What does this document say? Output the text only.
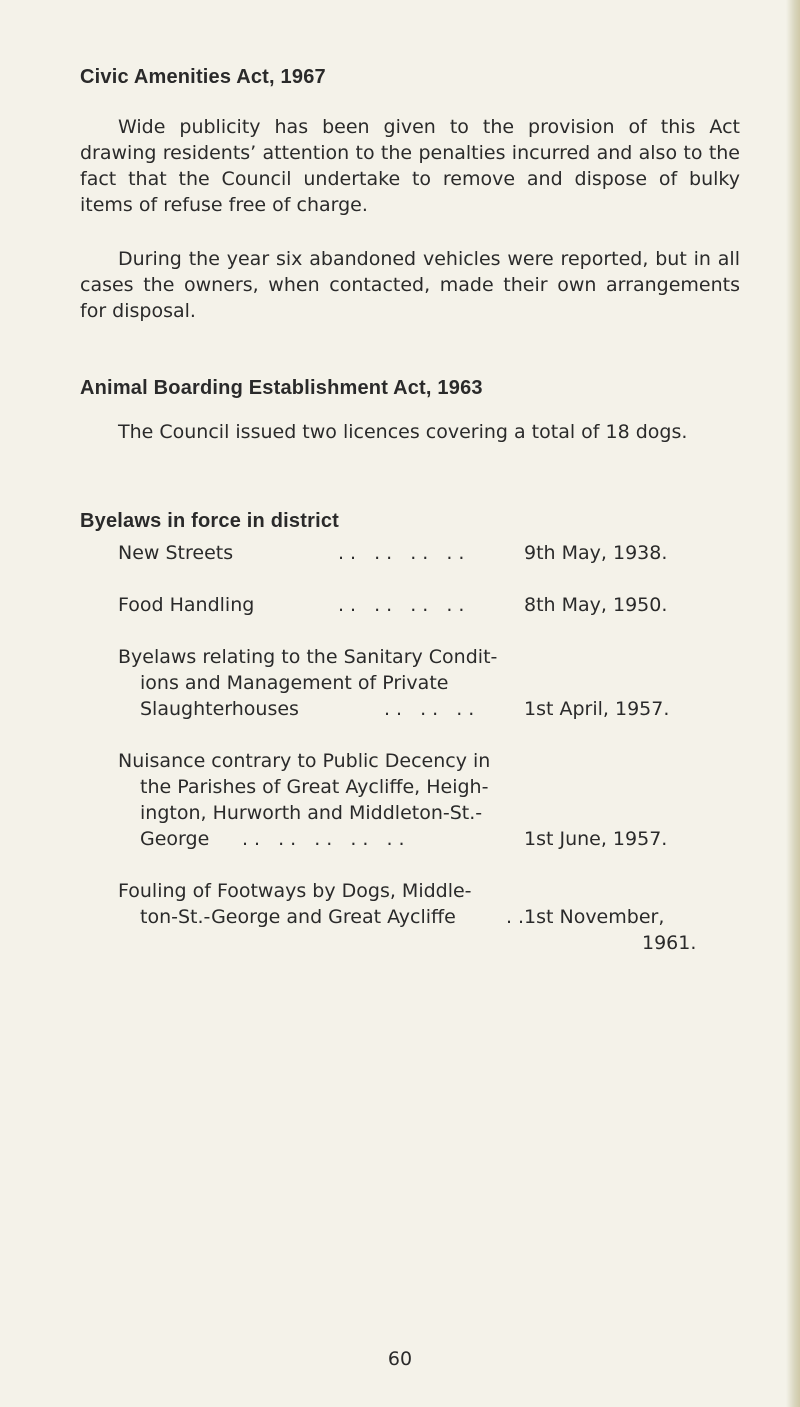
Civic Amenities Act, 1967

Wide publicity has been given to the provision of this Act drawing residents’ attention to the penalties incurred and also to the fact that the Council undertake to remove and dispose of bulky items of refuse free of charge.

During the year six abandoned vehicles were reported, but in all cases the owners, when contacted, made their own arrangements for disposal.

Animal Boarding Establishment Act, 1963

The Council issued two licences covering a total of 18 dogs.

Byelaws in force in district
New Streets	.. .. .. ..	9th May, 1938.
Food Handling	.. .. .. ..	8th May, 1950.
Byelaws relating to the Sanitary Condit-
ions and Management of Private
Slaughterhouses	.. .. .. 1st April, 1957.
Nuisance contrary to Public Decency in
the Parishes of Great Aycliffe, Heigh-
ington, Hurworth and Middleton-St.-
George	.. .. .. .. ..	1st June, 1957.
Fouling of Footways by Dogs, Middle-
ton-St.-George and Great Aycliffe	..
1st November,
1961.
60
